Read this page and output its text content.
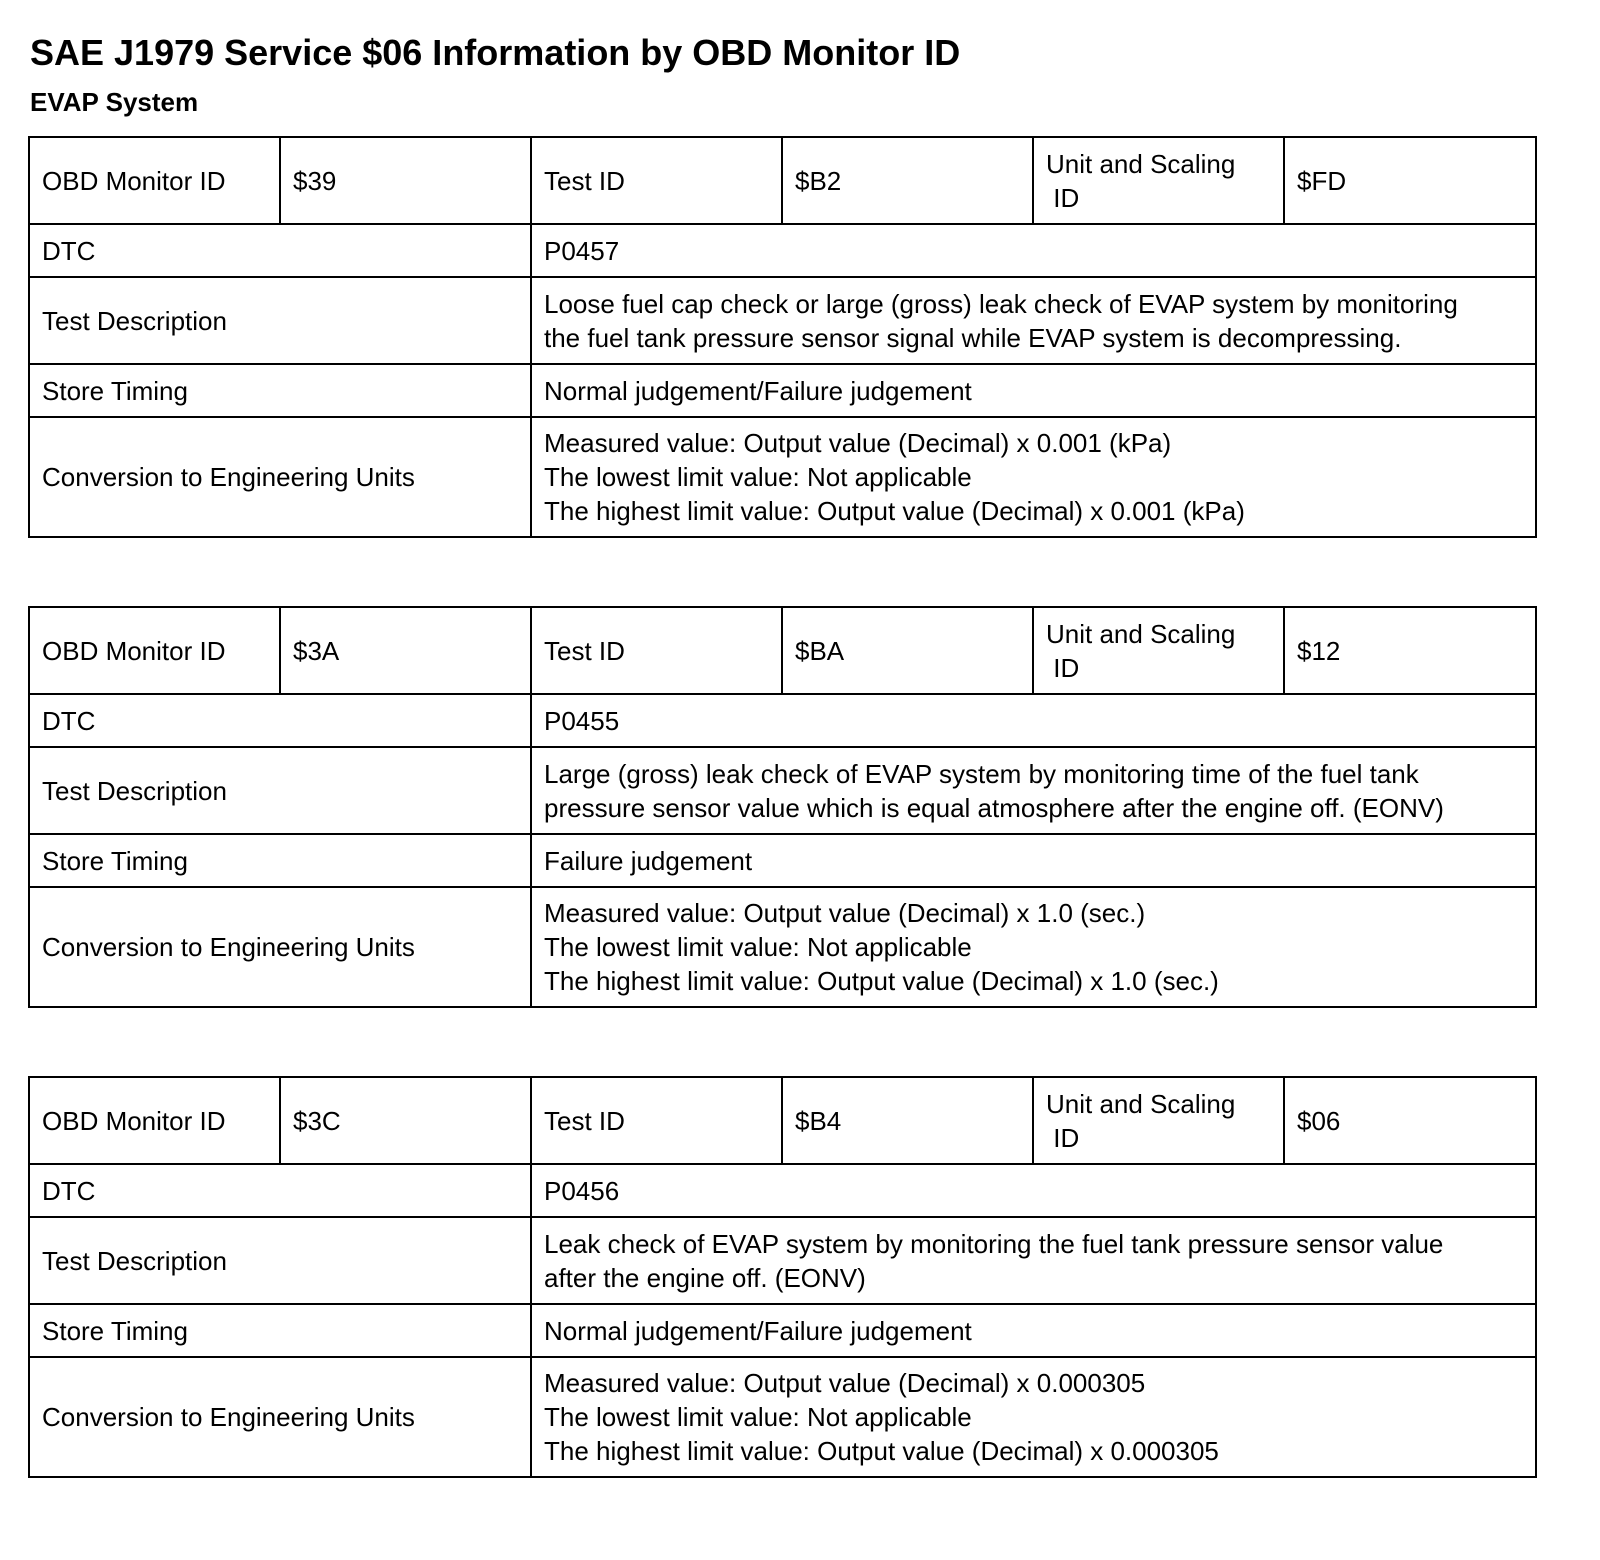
SAE J1979 Service $06 Information by OBD Monitor ID
EVAP System
OBD Monitor ID	$39	Test ID	$B2	Unit and Scaling
ID	$FD
DTC		P0457			
Test Description		Loose fuel cap check or large (gross) leak check of EVAP system by monitoring
the fuel tank pressure sensor signal while EVAP system is decompressing.			

Store Timing		Normal judgement/Failure judgement			
Conversion to Engineering Units		Measured value: Output value (Decimal) x 0.001 (kPa)
The lowest limit value: Not applicable
The highest limit value: Output value (Decimal) x 0.001 (kPa)			
OBD Monitor ID	$3A	Test ID	$BA	Unit and Scaling
ID	$12
DTC		P0455			
Test Description		Large (gross) leak check of EVAP system by monitoring time of the fuel tank
pressure sensor value which is equal atmosphere after the engine off. (EONV)			

Store Timing		Failure judgement			
Conversion to Engineering Units		Measured value: Output value (Decimal) x 1.0 (sec.)
The lowest limit value: Not applicable
The highest limit value: Output value (Decimal) x 1.0 (sec.)			
OBD Monitor ID	$3C	Test ID	$B4	Unit and Scaling
ID	$06
DTC		P0456			
Test Description		Leak check of EVAP system by monitoring the fuel tank pressure sensor value
after the engine off. (EONV)			

Store Timing		Normal judgement/Failure judgement			
Conversion to Engineering Units		Measured value: Output value (Decimal) x 0.000305
The lowest limit value: Not applicable
The highest limit value: Output value (Decimal) x 0.000305			
